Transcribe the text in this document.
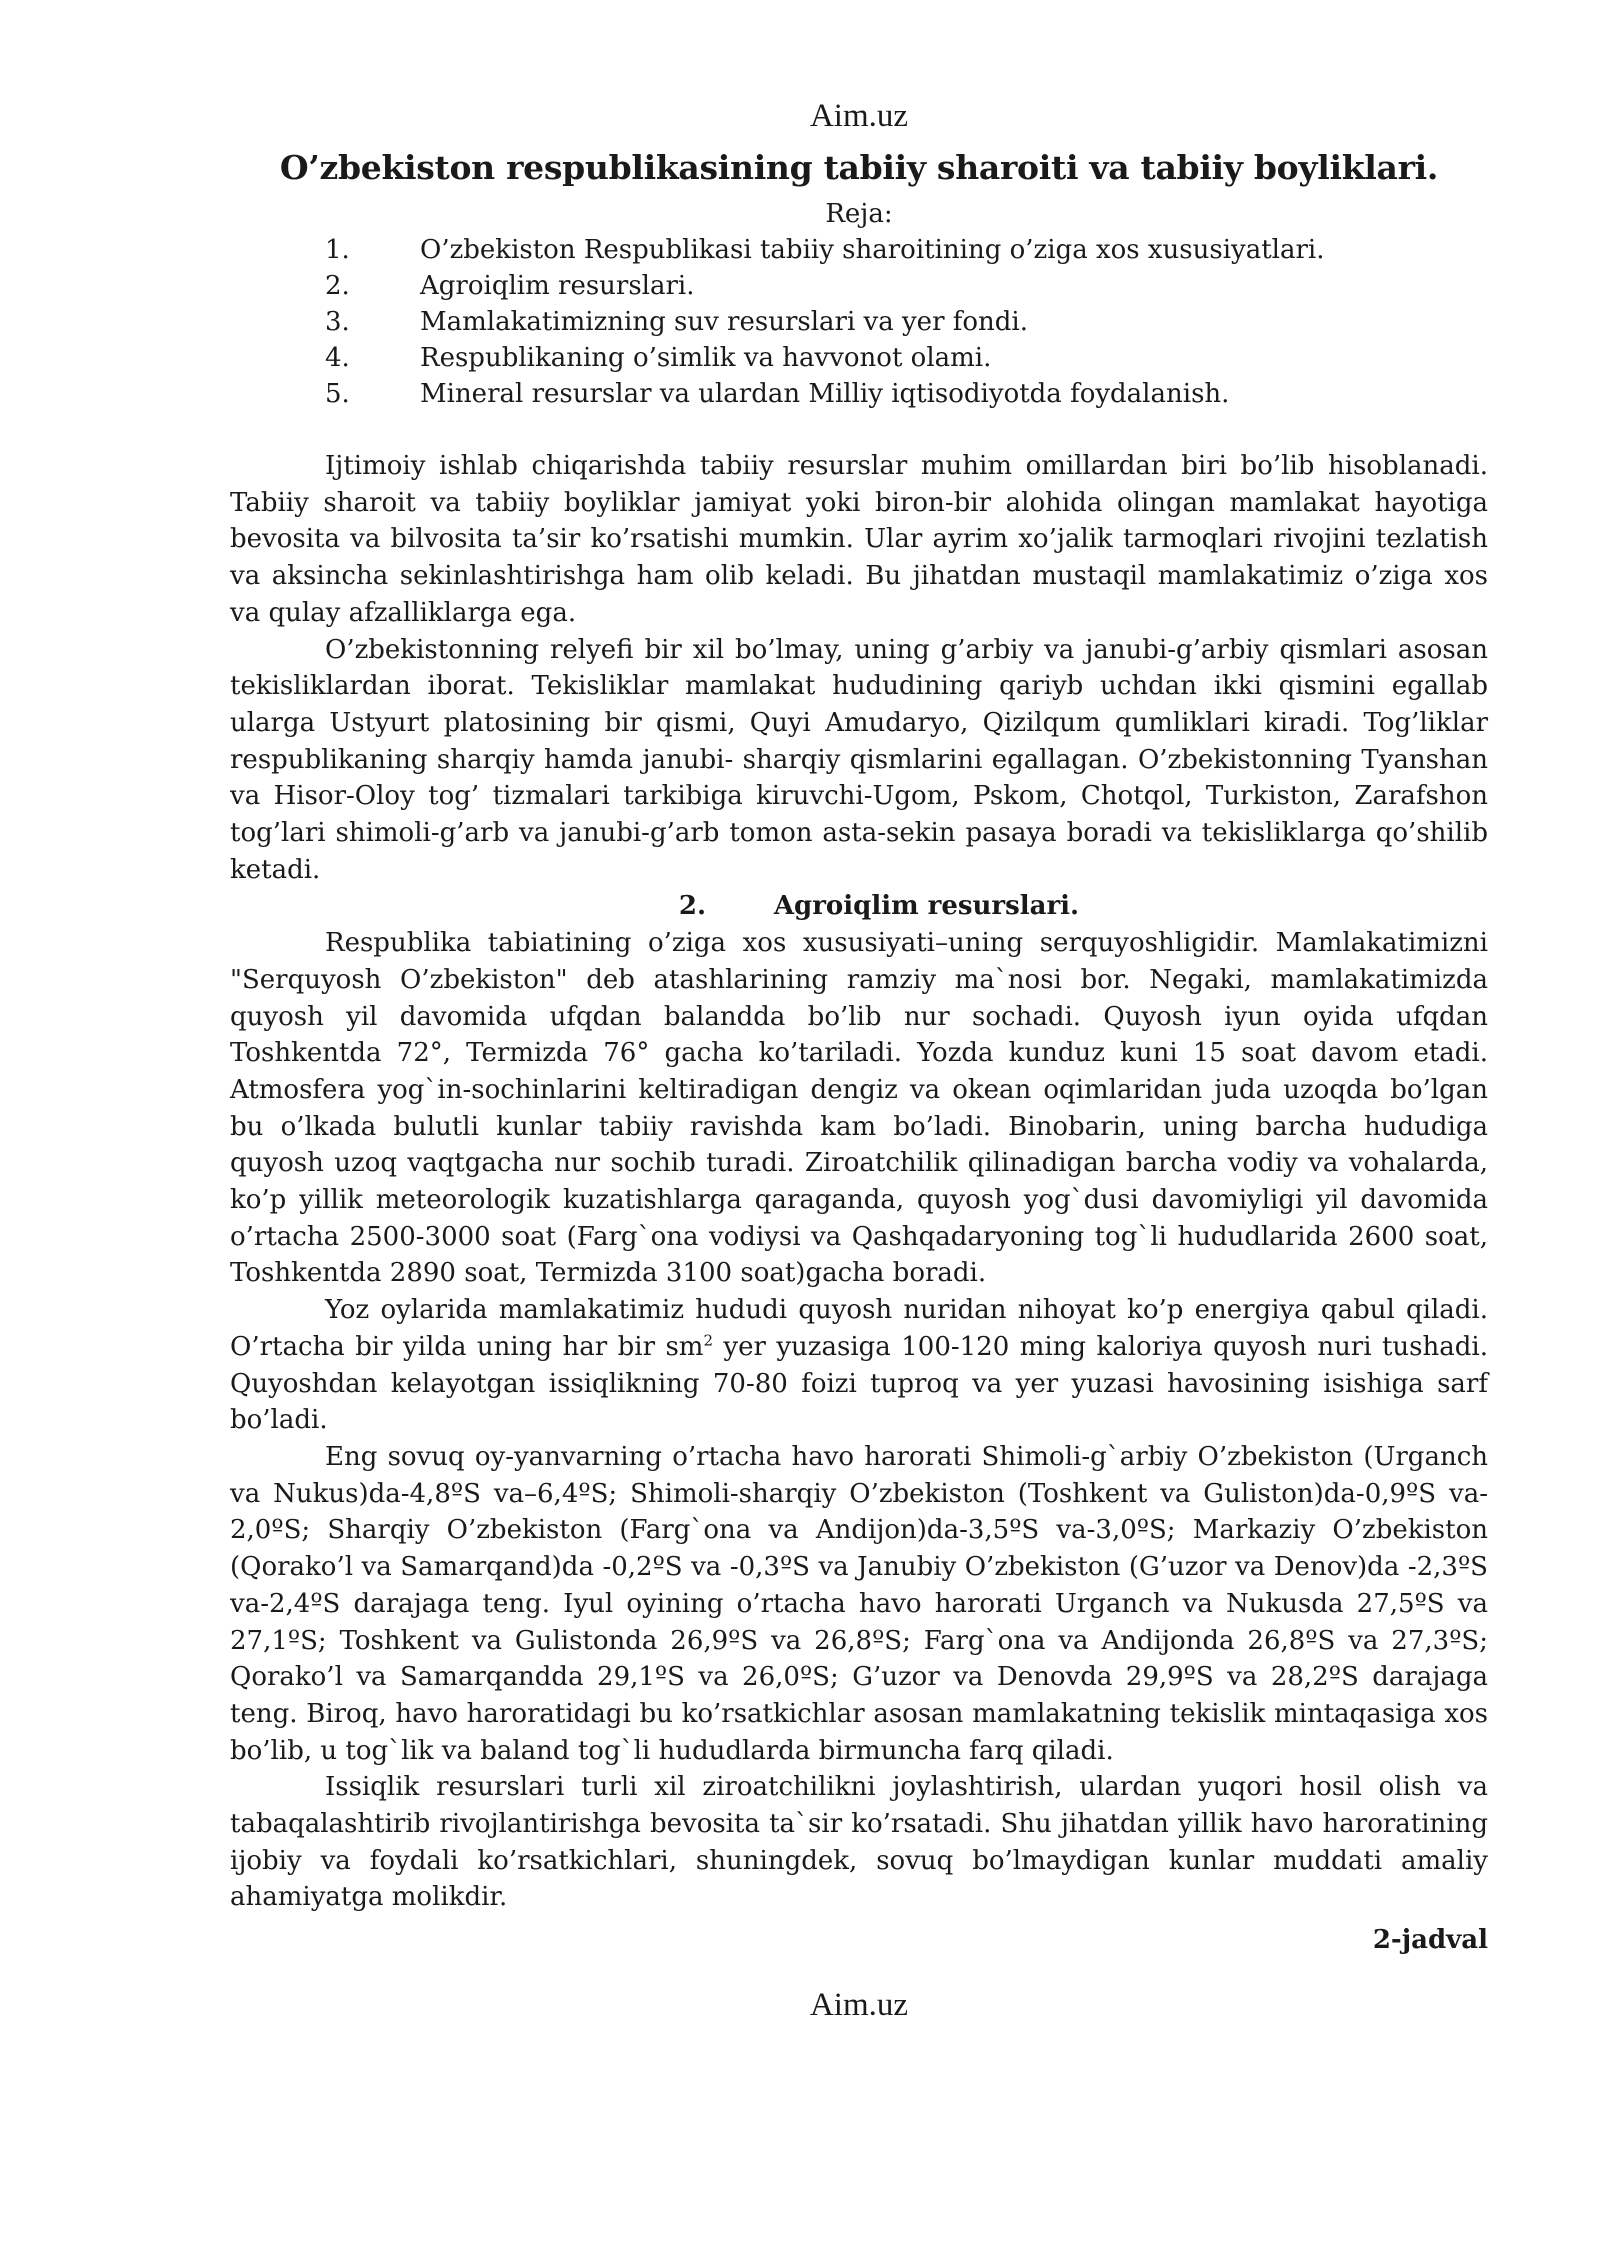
Aim.uz
O’zbekiston respublikasining tabiiy sharoiti va tabiiy boyliklari.
Reja:
1.	O’zbekiston Respublikasi tabiiy sharoitining o’ziga xos xususiyatlari.
2.	Agroiqlim resurslari.
3.	Mamlakatimizning suv resurslari va yer fondi.
4.	Respublikaning o’simlik va havvonot olami.
5.	Mineral resurslar va ulardan Milliy iqtisodiyotda foydalanish.

Ijtimoiy ishlab chiqarishda tabiiy resurslar muhim omillardan biri bo’lib hisoblanadi. Tabiiy sharoit va tabiiy boyliklar jamiyat yoki biron-bir alohida olingan mamlakat hayotiga bevosita va bilvosita ta’sir ko’rsatishi mumkin. Ular ayrim xo’jalik tarmoqlari rivojini tezlatish va aksincha sekinlashtirishga ham olib keladi. Bu jihatdan mustaqil mamlakatimiz o’ziga xos va qulay afzalliklarga ega.

O’zbekistonning relyefi bir xil bo’lmay, uning g’arbiy va janubi-g’arbiy qismlari asosan tekisliklardan iborat. Tekisliklar mamlakat hududining qariyb uchdan ikki qismini egallab ularga Ustyurt platosining bir qismi, Quyi Amudaryo, Qizilqum qumliklari kiradi. Tog’liklar respublikaning sharqiy hamda janubi- sharqiy qismlarini egallagan. O’zbekistonning Tyanshan va Hisor-Oloy tog’ tizmalari tarkibiga kiruvchi-Ugom, Pskom, Chotqol, Turkiston, Zarafshon tog’lari shimoli-g’arb va janubi-g’arb tomon asta-sekin pasaya boradi va tekisliklarga qo’shilib ketadi.

2.	Agroiqlim resurslari.

Respublika tabiatining o’ziga xos xususiyati–uning serquyoshligidir. Mamlakatimizni "Serquyosh O’zbekiston" deb atashlarining ramziy ma`nosi bor. Negaki, mamlakatimizda quyosh yil davomida ufqdan balandda bo’lib nur sochadi. Quyosh iyun oyida ufqdan Toshkentda 72°, Termizda 76° gacha ko’tariladi. Yozda kunduz kuni 15 soat davom etadi. Atmosfera yog`in-sochinlarini keltiradigan dengiz va okean oqimlaridan juda uzoqda bo’lgan bu o’lkada bulutli kunlar tabiiy ravishda kam bo’ladi. Binobarin, uning barcha hududiga quyosh uzoq vaqtgacha nur sochib turadi. Ziroatchilik qilinadigan barcha vodiy va vohalarda, ko’p yillik meteorologik kuzatishlarga qaraganda, quyosh yog`dusi davomiyligi yil davomida o’rtacha 2500-3000 soat (Farg`ona vodiysi va Qashqadaryoning tog`li hududlarida 2600 soat, Toshkentda 2890 soat, Termizda 3100 soat)gacha boradi.

Yoz oylarida mamlakatimiz hududi quyosh nuridan nihoyat ko’p energiya qabul qiladi. O’rtacha bir yilda uning har bir $sm^2$ yer yuzasiga 100-120 ming kaloriya quyosh nuri tushadi. Quyoshdan kelayotgan issiqlikning 70-80 foizi tuproq va yer yuzasi havosining isishiga sarf bo’ladi.

Eng sovuq oy-yanvarning o’rtacha havo harorati Shimoli-g`arbiy O’zbekiston (Urganch va Nukus)da-4,8ºS va–6,4ºS; Shimoli-sharqiy O’zbekiston (Toshkent va Guliston)da-0,9ºS va-2,0ºS; Sharqiy O’zbekiston (Farg`ona va Andijon)da-3,5ºS va-3,0ºS; Markaziy O’zbekiston (Qorako’l va Samarqand)da -0,2ºS va -0,3ºS va Janubiy O’zbekiston (G’uzor va Denov)da -2,3ºS va-2,4ºS darajaga teng. Iyul oyining o’rtacha havo harorati Urganch va Nukusda 27,5ºS va 27,1ºS; Toshkent va Gulistonda 26,9ºS va 26,8ºS; Farg`ona va Andijonda 26,8ºS va 27,3ºS; Qorako’l va Samarqandda 29,1ºS va 26,0ºS; G’uzor va Denovda 29,9ºS va 28,2ºS darajaga teng. Biroq, havo haroratidagi bu ko’rsatkichlar asosan mamlakatning tekislik mintaqasiga xos bo’lib, u tog`lik va baland tog`li hududlarda birmuncha farq qiladi.

Issiqlik resurslari turli xil ziroatchilikni joylashtirish, ulardan yuqori hosil olish va tabaqalashtirib rivojlantirishga bevosita ta`sir ko’rsatadi. Shu jihatdan yillik havo haroratining ijobiy va foydali ko’rsatkichlari, shuningdek, sovuq bo’lmaydigan kunlar muddati amaliy ahamiyatga molikdir.

2-jadval
Aim.uz
